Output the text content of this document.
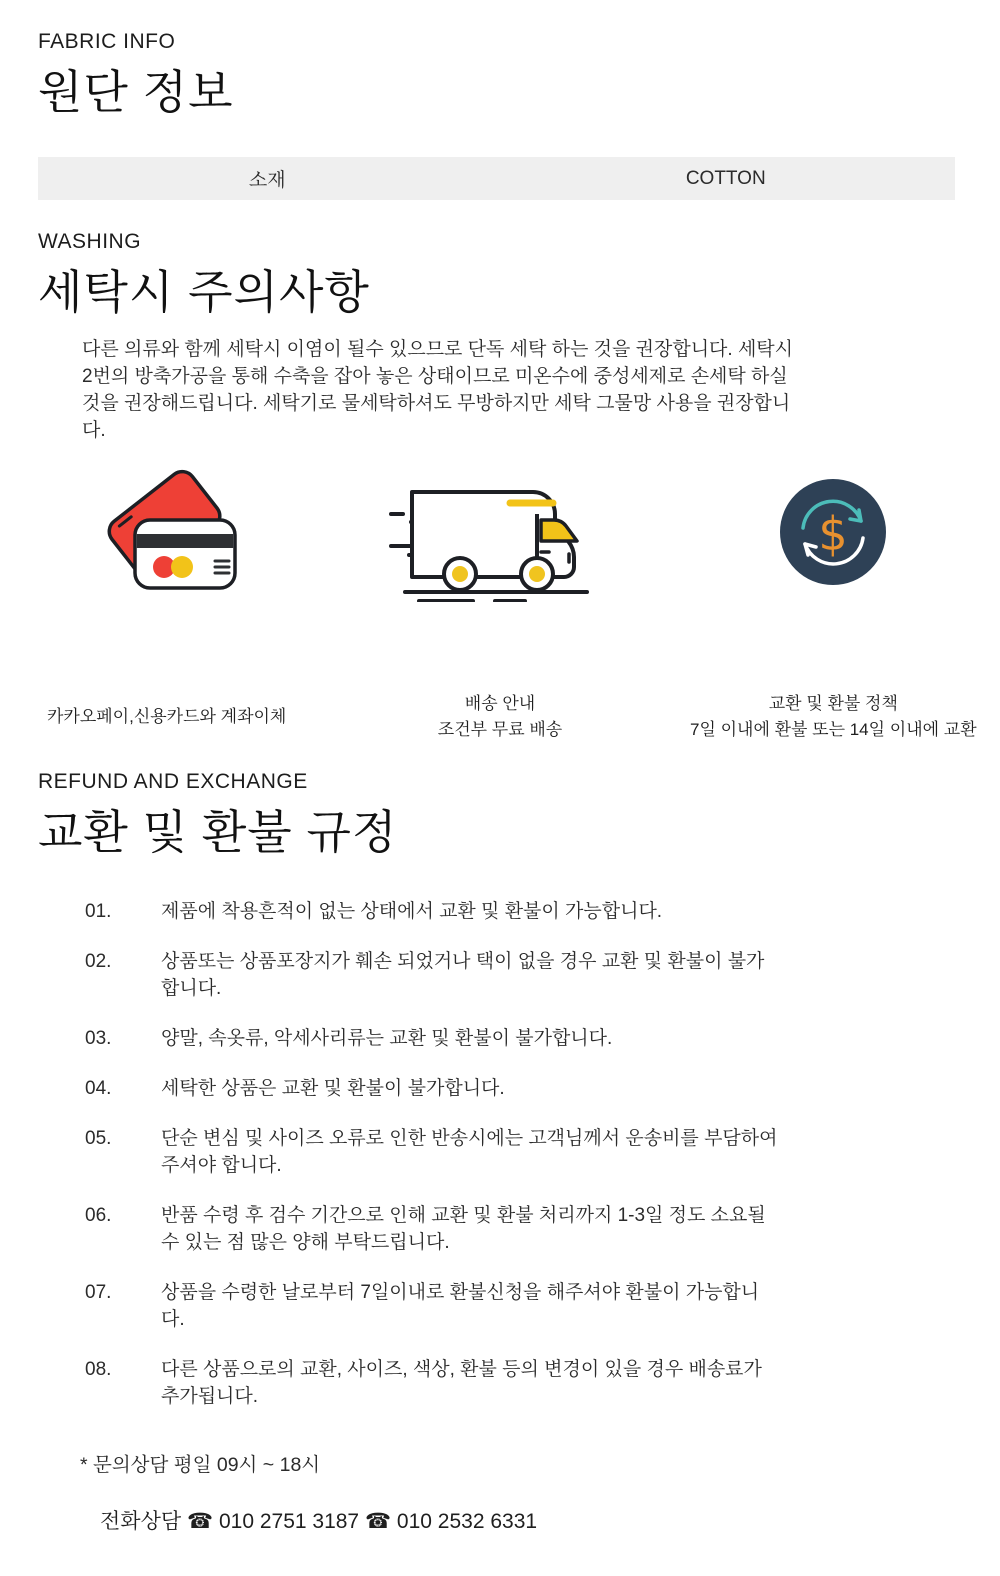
FABRIC INFO
원단 정보
소재	COTTON
WASHING
세탁시 주의사항
다른 의류와 함께 세탁시 이염이 될수 있으므로 단독 세탁 하는 것을 권장합니다. 세탁시 2번의 방축가공을 통해 수축을 잡아 놓은 상태이므로 미온수에 중성세제로 손세탁 하실것을 권장해드립니다. 세탁기로 물세탁하셔도 무방하지만 세탁 그물망 사용을 권장합니다.
카카오페이,신용카드와 계좌이체
배송 안내
조건부 무료 배송
$
교환 및 환불 정책
7일 이내에 환불 또는 14일 이내에 교환
REFUND AND EXCHANGE
교환 및 환불 규정
01.	제품에 착용흔적이 없는 상태에서 교환 및 환불이 가능합니다.
02.	상품또는 상품포장지가 훼손 되었거나 택이 없을 경우 교환 및 환불이 불가합니다.
03.	양말, 속옷류, 악세사리류는 교환 및 환불이 불가합니다.
04.	세탁한 상품은 교환 및 환불이 불가합니다.
05.	단순 변심 및 사이즈 오류로 인한 반송시에는 고객님께서 운송비를 부담하여 주셔야 합니다.
06.	반품 수령 후 검수 기간으로 인해 교환 및 환불 처리까지 1-3일 정도 소요될 수 있는 점 많은 양해 부탁드립니다.
07.	상품을 수령한 날로부터 7일이내로 환불신청을 해주셔야 환불이 가능합니다.
08.	다른 상품으로의 교환, 사이즈, 색상, 환불 등의 변경이 있을 경우 배송료가 추가됩니다.
* 문의상담 평일 09시 ~ 18시
전화상담 ☎ 010 2751 3187 ☎ 010 2532 6331
